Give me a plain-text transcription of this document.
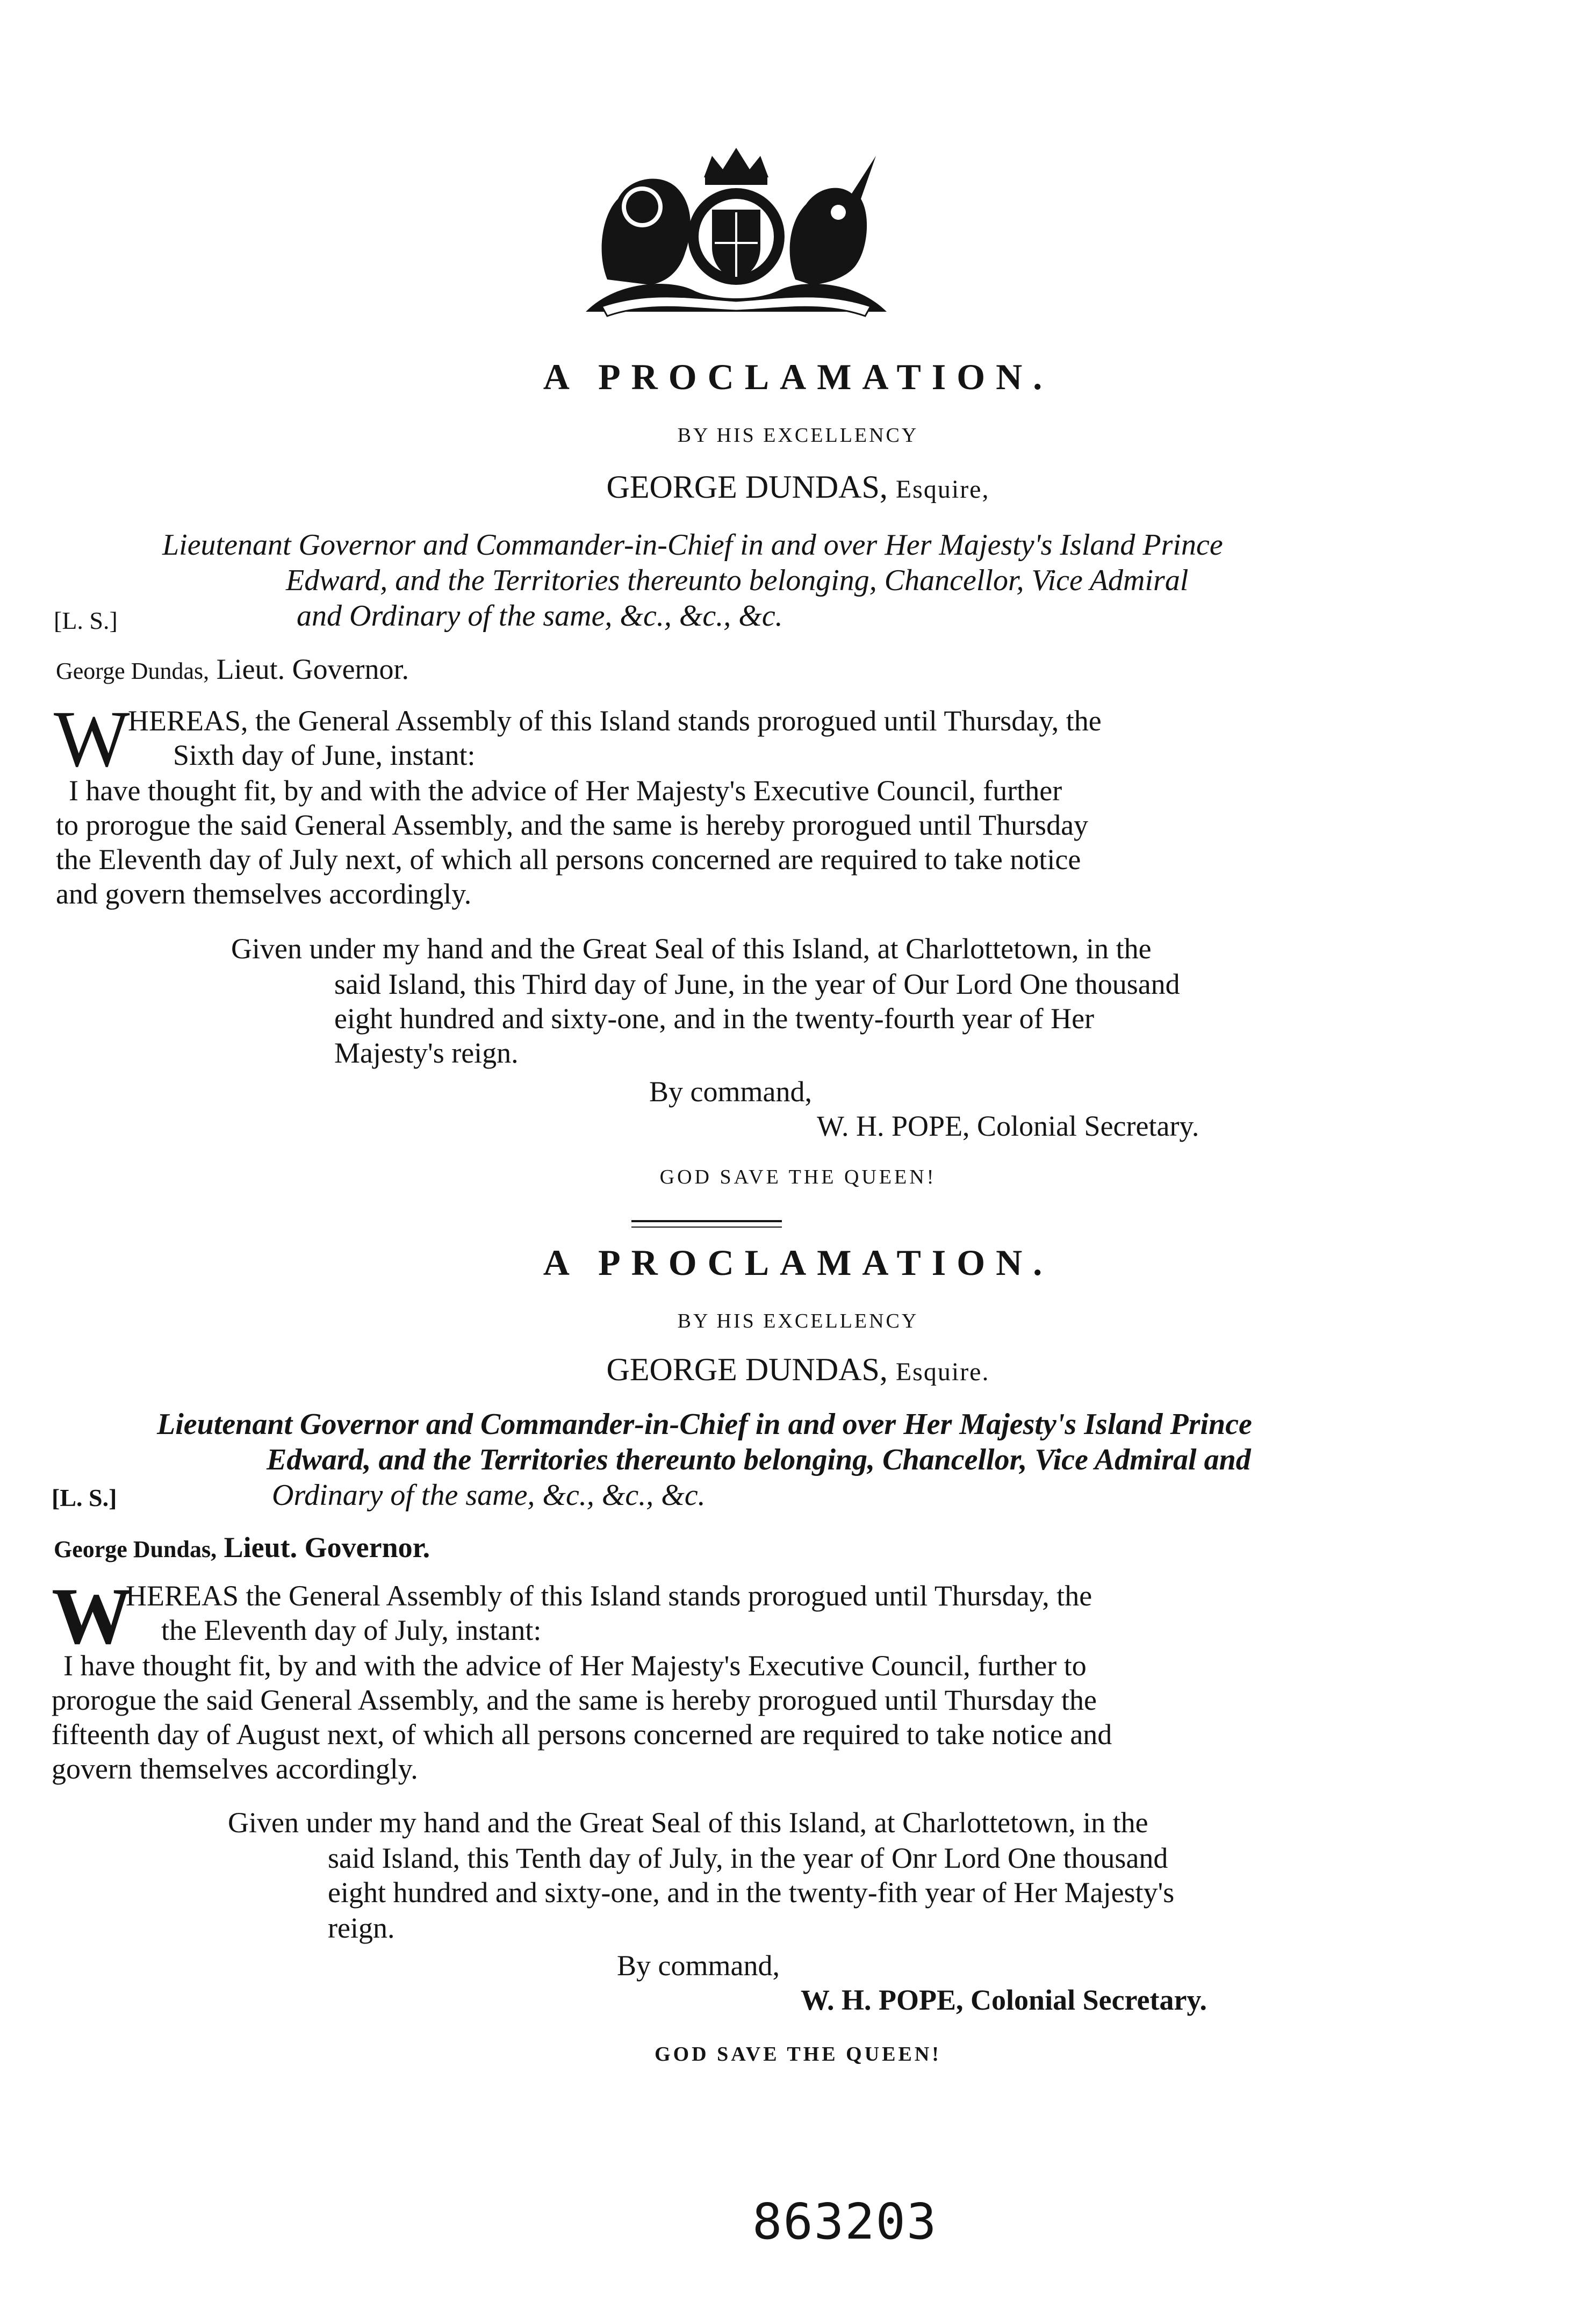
A PROCLAMATION.
BY HIS EXCELLENCY
GEORGE DUNDAS, Esquire,
Lieutenant Governor and Commander-in-Chief in and over Her Majesty's Island Prince
Edward, and the Territories thereunto belonging, Chancellor, Vice Admiral
and Ordinary of the same, &c., &c., &c.
[L. S.]
George Dundas, Lieut. Governor.
W
HEREAS, the General Assembly of this Island stands prorogued until Thursday, the
Sixth day of June, instant:
I have thought fit, by and with the advice of Her Majesty's Executive Council, further
to prorogue the said General Assembly, and the same is hereby prorogued until Thursday
the Eleventh day of July next, of which all persons concerned are required to take notice
and govern themselves accordingly.
Given under my hand and the Great Seal of this Island, at Charlottetown, in the
said Island, this Third day of June, in the year of Our Lord One thousand
eight hundred and sixty-one, and in the twenty-fourth year of Her
Majesty's reign.
By command,
W. H. POPE, Colonial Secretary.
GOD SAVE THE QUEEN!
A PROCLAMATION.
BY HIS EXCELLENCY
GEORGE DUNDAS, Esquire.
Lieutenant Governor and Commander-in-Chief in and over Her Majesty's Island Prince
Edward, and the Territories thereunto belonging, Chancellor, Vice Admiral and
Ordinary of the same, &c., &c., &c.
[L. S.]
George Dundas, Lieut. Governor.
W
HEREAS the General Assembly of this Island stands prorogued until Thursday, the
the Eleventh day of July, instant:
I have thought fit, by and with the advice of Her Majesty's Executive Council, further to
prorogue the said General Assembly, and the same is hereby prorogued until Thursday the
fifteenth day of August next, of which all persons concerned are required to take notice and
govern themselves accordingly.
Given under my hand and the Great Seal of this Island, at Charlottetown, in the
said Island, this Tenth day of July, in the year of Onr Lord One thousand
eight hundred and sixty-one, and in the twenty-fith year of Her Majesty's
reign.
By command,
W. H. POPE, Colonial Secretary.
GOD SAVE THE QUEEN!
863203
